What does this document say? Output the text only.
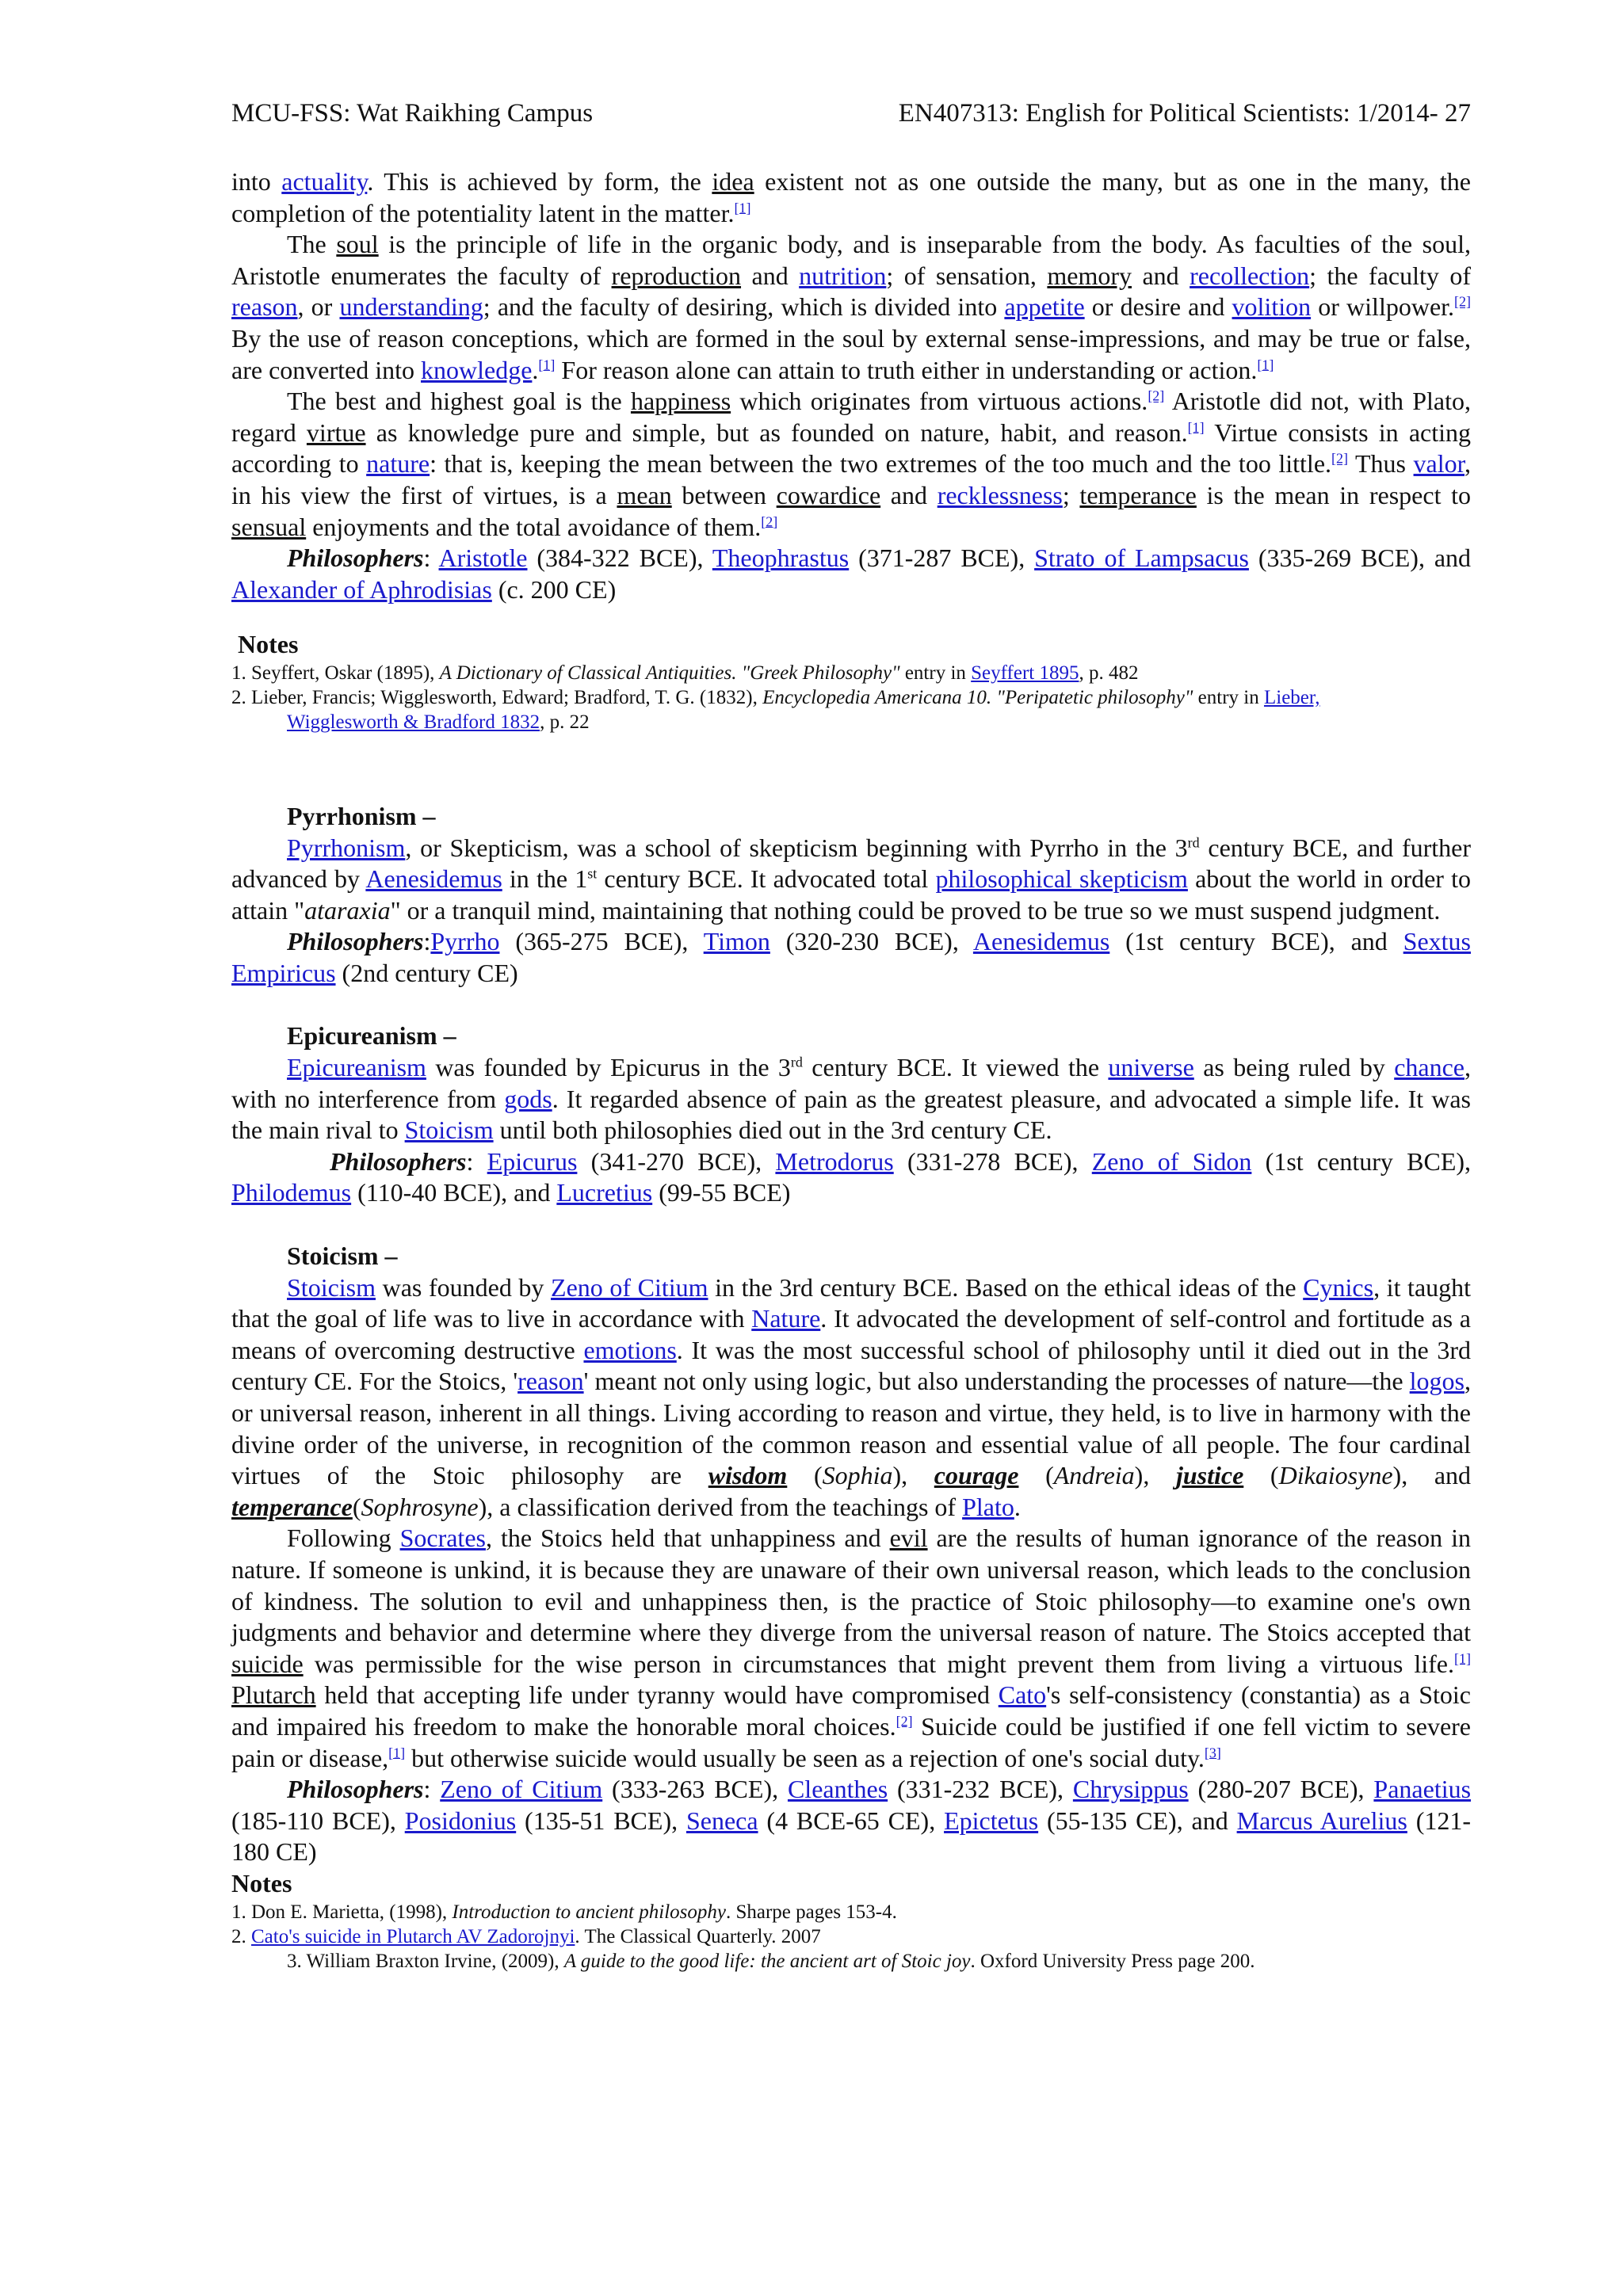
MCU-FSS: Wat Raikhing Campus	EN407313: English for Political Scientists: 1/2014- 27

into actuality. This is achieved by form, the idea existent not as one outside the many, but as one in the many, the completion of the potentiality latent in the matter.[1]

The soul is the principle of life in the organic body, and is inseparable from the body. As faculties of the soul, Aristotle enumerates the faculty of reproduction and nutrition; of sensation, memory and recollection; the faculty of reason, or understanding; and the faculty of desiring, which is divided into appetite or desire and volition or willpower.[2] By the use of reason conceptions, which are formed in the soul by external sense-impressions, and may be true or false, are converted into knowledge.[1] For reason alone can attain to truth either in understanding or action.[1]

The best and highest goal is the happiness which originates from virtuous actions.[2] Aristotle did not, with Plato, regard virtue as knowledge pure and simple, but as founded on nature, habit, and reason.[1] Virtue consists in acting according to nature: that is, keeping the mean between the two extremes of the too much and the too little.[2] Thus valor, in his view the first of virtues, is a mean between cowardice and recklessness; temperance is the mean in respect to sensual enjoyments and the total avoidance of them.[2]

Philosophers: Aristotle (384-322 BCE), Theophrastus (371-287 BCE), Strato of Lampsacus (335-269 BCE), and Alexander of Aphrodisias (c. 200 CE)

Notes
1. Seyffert, Oskar (1895), A Dictionary of Classical Antiquities. "Greek Philosophy" entry in Seyffert 1895, p. 482
2. Lieber, Francis; Wigglesworth, Edward; Bradford, T. G. (1832), Encyclopedia Americana 10. "Peripatetic philosophy" entry in Lieber,
Wigglesworth & Bradford 1832, p. 22
Pyrrhonism –

Pyrrhonism, or Skepticism, was a school of skepticism beginning with Pyrrho in the 3rd century BCE, and further advanced by Aenesidemus in the 1st century BCE. It advocated total philosophical skepticism about the world in order to attain "ataraxia" or a tranquil mind, maintaining that nothing could be proved to be true so we must suspend judgment.

Philosophers:Pyrrho (365-275 BCE), Timon (320-230 BCE), Aenesidemus (1st century BCE), and Sextus Empiricus (2nd century CE)

Epicureanism –

Epicureanism was founded by Epicurus in the 3rd century BCE. It viewed the universe as being ruled by chance, with no interference from gods. It regarded absence of pain as the greatest pleasure, and advocated a simple life. It was the main rival to Stoicism until both philosophies died out in the 3rd century CE.

Philosophers: Epicurus (341-270 BCE), Metrodorus (331-278 BCE), Zeno of Sidon (1st century BCE), Philodemus (110-40 BCE), and Lucretius (99-55 BCE)

Stoicism –

Stoicism was founded by Zeno of Citium in the 3rd century BCE. Based on the ethical ideas of the Cynics, it taught that the goal of life was to live in accordance with Nature. It advocated the development of self-control and fortitude as a means of overcoming destructive emotions. It was the most successful school of philosophy until it died out in the 3rd century CE. For the Stoics, 'reason' meant not only using logic, but also understanding the processes of nature—the logos, or universal reason, inherent in all things. Living according to reason and virtue, they held, is to live in harmony with the divine order of the universe, in recognition of the common reason and essential value of all people. The four cardinal virtues of the Stoic philosophy are wisdom (Sophia), courage (Andreia), justice (Dikaiosyne), and temperance(Sophrosyne), a classification derived from the teachings of Plato.

Following Socrates, the Stoics held that unhappiness and evil are the results of human ignorance of the reason in nature. If someone is unkind, it is because they are unaware of their own universal reason, which leads to the conclusion of kindness. The solution to evil and unhappiness then, is the practice of Stoic philosophy—to examine one's own judgments and behavior and determine where they diverge from the universal reason of nature. The Stoics accepted that suicide was permissible for the wise person in circumstances that might prevent them from living a virtuous life.[1] Plutarch held that accepting life under tyranny would have compromised Cato's self-consistency (constantia) as a Stoic and impaired his freedom to make the honorable moral choices.[2] Suicide could be justified if one fell victim to severe pain or disease,[1] but otherwise suicide would usually be seen as a rejection of one's social duty.[3]

Philosophers: Zeno of Citium (333-263 BCE), Cleanthes (331-232 BCE), Chrysippus (280-207 BCE), Panaetius (185-110 BCE), Posidonius (135-51 BCE), Seneca (4 BCE-65 CE), Epictetus (55-135 CE), and Marcus Aurelius (121-180 CE)

Notes
1. Don E. Marietta, (1998), Introduction to ancient philosophy. Sharpe pages 153-4.
2. Cato's suicide in Plutarch AV Zadorojnyi. The Classical Quarterly. 2007
3. William Braxton Irvine, (2009), A guide to the good life: the ancient art of Stoic joy. Oxford University Press page 200.
